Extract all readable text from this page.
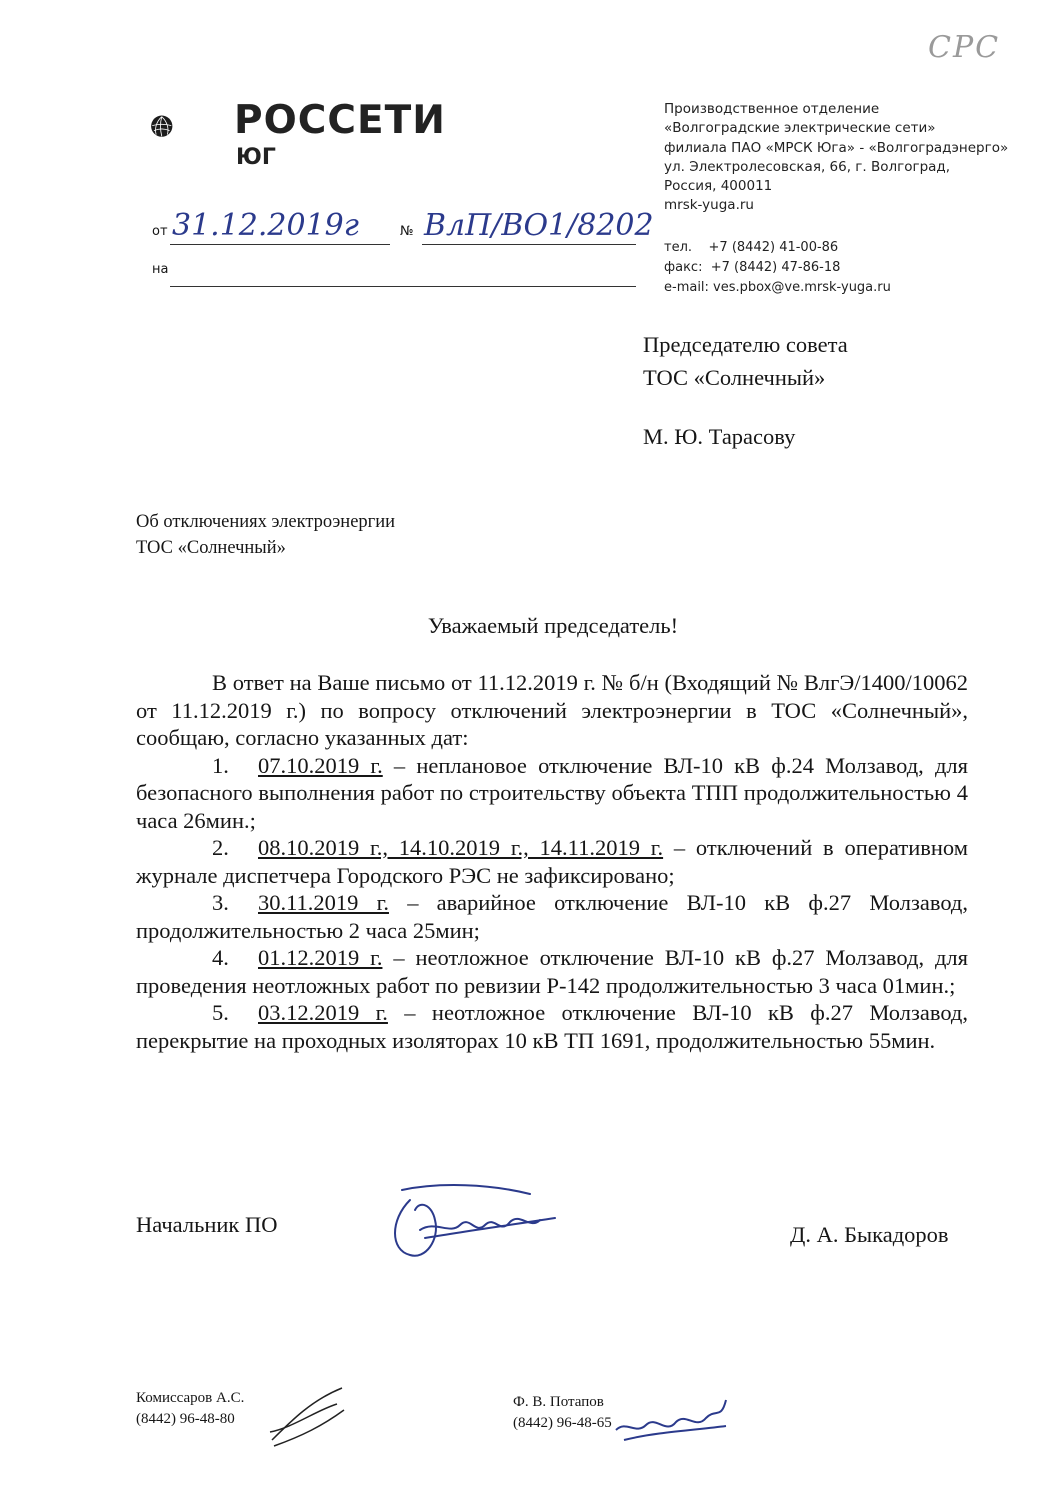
СРС
РОССЕТИ
ЮГ
Производственное отделение
«Волгоградские электрические сети»
филиала ПАО «МРСК Юга» - «Волгоградэнерго»
ул. Электролесовская, 66, г. Волгоград,
Россия, 400011
mrsk-yuga.ru
от 31.12.2019г	№ ВлП/ВО1/8202
тел.    +7 (8442) 41-00-86
факс:  +7 (8442) 47-86-18
e-mail: ves.pbox@ve.mrsk-yuga.ru
на
Председателю совета
ТОС «Солнечный»
М. Ю. Тарасову
Об отключениях электроэнергии
ТОС «Солнечный»
Уважаемый председатель!

В ответ на Ваше письмо от 11.12.2019 г. № б/н (Входящий № ВлгЭ/1400/10062 от 11.12.2019 г.) по вопросу отключений электроэнергии в ТОС «Солнечный», сообщаю, согласно указанных дат:

1. 07.10.2019 г. – неплановое отключение ВЛ-10 кВ ф.24 Молзавод, для безопасного выполнения работ по строительству объекта ТПП продолжительностью 4 часа 26мин.;

2. 08.10.2019 г., 14.10.2019 г., 14.11.2019 г. – отключений в оперативном журнале диспетчера Городского РЭС не зафиксировано;

3. 30.11.2019 г. – аварийное отключение ВЛ-10 кВ ф.27 Молзавод, продолжительностью 2 часа 25мин;

4. 01.12.2019 г. – неотложное отключение ВЛ-10 кВ ф.27 Молзавод, для проведения неотложных работ по ревизии Р-142 продолжительностью 3 часа 01мин.;

5. 03.12.2019 г. – неотложное отключение ВЛ-10 кВ ф.27 Молзавод, перекрытие на проходных изоляторах 10 кВ ТП 1691, продолжительностью 55мин.

Начальник ПО	Д. А. Быкадоров
Комиссаров А.С.
(8442) 96-48-80
Ф. В. Потапов
(8442) 96-48-65
